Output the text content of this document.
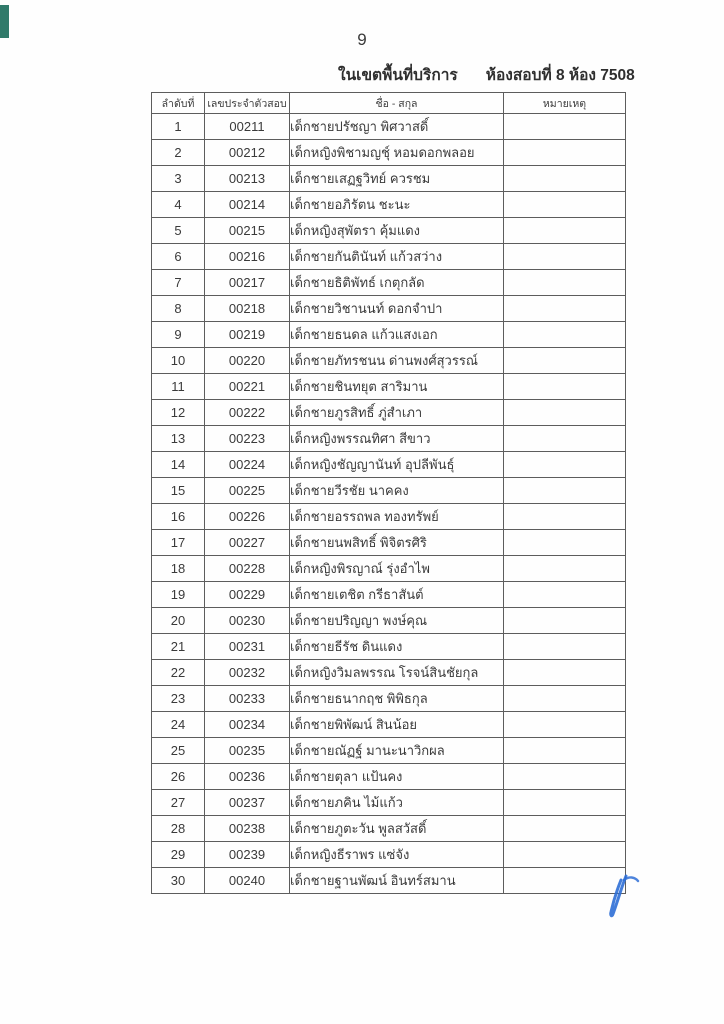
9
ในเขตพื้นที่บริการ ห้องสอบที่ 8 ห้อง 7508
ลำดับที่	เลขประจำตัวสอบ	ชื่อ - สกุล	หมายเหตุ
1	00211	เด็กชายปรัชญา พิศวาสดิ์	
2	00212	เด็กหญิงพิชามญชุ์ หอมดอกพลอย	
3	00213	เด็กชายเสฏฐวิทย์ ควรชม	
4	00214	เด็กชายอภิรัตน ชะนะ	
5	00215	เด็กหญิงสุพัตรา คุ้มแดง	
6	00216	เด็กชายกันตินันท์ แก้วสว่าง	
7	00217	เด็กชายธิติพัทธ์ เกตุกลัด	
8	00218	เด็กชายวิชานนท์ ดอกจำปา	
9	00219	เด็กชายธนดล แก้วแสงเอก	
10	00220	เด็กชายภัทรชนน ด่านพงศ์สุวรรณ์	
11	00221	เด็กชายชินทยุต สาริมาน	
12	00222	เด็กชายภูรสิทธิ์ ภู่สำเภา	
13	00223	เด็กหญิงพรรณทิศา สีขาว	
14	00224	เด็กหญิงชัญญานันท์ อุปลีพันธุ์	
15	00225	เด็กชายวีรชัย นาคคง	
16	00226	เด็กชายอรรถพล ทองทรัพย์	
17	00227	เด็กชายนพสิทธิ์ พิจิตรศิริ	
18	00228	เด็กหญิงพิรญาณ์ รุ่งอำไพ	
19	00229	เด็กชายเตชิต กรีธาสันต์	
20	00230	เด็กชายปริญญา พงษ์คุณ	
21	00231	เด็กชายธีรัช ดินแดง	
22	00232	เด็กหญิงวิมลพรรณ โรจน์สินชัยกุล	
23	00233	เด็กชายธนากฤช พิพิธกุล	
24	00234	เด็กชายพิพัฒน์ สินน้อย	
25	00235	เด็กชายณัฏฐ์ มานะนาวิกผล	
26	00236	เด็กชายตุลา แป้นคง	
27	00237	เด็กชายภคิน ไม้แก้ว	
28	00238	เด็กชายภูตะวัน พูลสวัสดิ์	
29	00239	เด็กหญิงธีราพร แซ่จัง	
30	00240	เด็กชายฐานพัฒน์ อินทร์สมาน	
